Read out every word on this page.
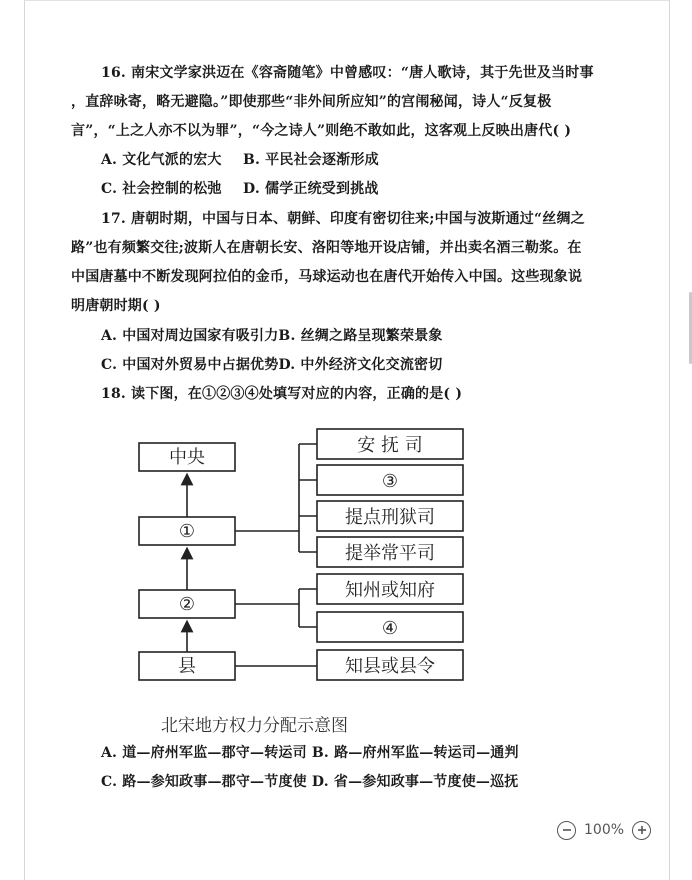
16. 南宋文学家洪迈在《容斋随笔》中曾感叹：“唐人歌诗，其于先世及当时事
，直辞咏寄，略无避隐。”即使那些“非外间所应知”的宫闱秘闻，诗人“反复极
言”，“上之人亦不以为罪”，“今之诗人”则绝不敢如此，这客观上反映出唐代( )
A. 文化气派的宏大 B. 平民社会逐渐形成
C. 社会控制的松弛 D. 儒学正统受到挑战
17. 唐朝时期，中国与日本、朝鲜、印度有密切往来;中国与波斯通过“丝绸之
路”也有频繁交往;波斯人在唐朝长安、洛阳等地开设店铺，并出卖名酒三勒浆。在
中国唐墓中不断发现阿拉伯的金币，马球运动也在唐代开始传入中国。这些现象说
明唐朝时期( )
A. 中国对周边国家有吸引力B. 丝绸之路呈现繁荣景象
C. 中国对外贸易中占据优势D. 中外经济文化交流密切
18. 读下图，在①②③④处填写对应的内容，正确的是( )
中央
①
②
县
安 抚 司
③
提点刑狱司
提举常平司
知州或知府
④
知县或县令
北宋地方权力分配示意图
A. 道—府州军监—郡守—转运司 B. 路—府州军监—转运司—通判
C. 路—参知政事—郡守—节度使 D. 省—参知政事—节度使—巡抚
100%
